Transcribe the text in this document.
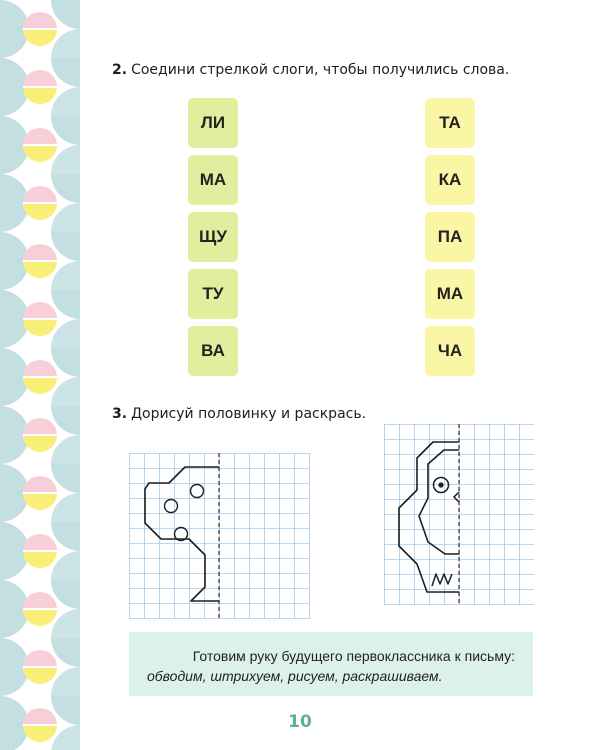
2. Соедини стрелкой слоги, чтобы получились слова.
ЛИ
МА
ЩУ
ТУ
ВА
ТА
КА
ПА
МА
ЧА
3. Дорисуй половинку и раскрась.
Готовим руку будущего первоклассника к письму:
обводим, штрихуем, рисуем, раскрашиваем.
10
